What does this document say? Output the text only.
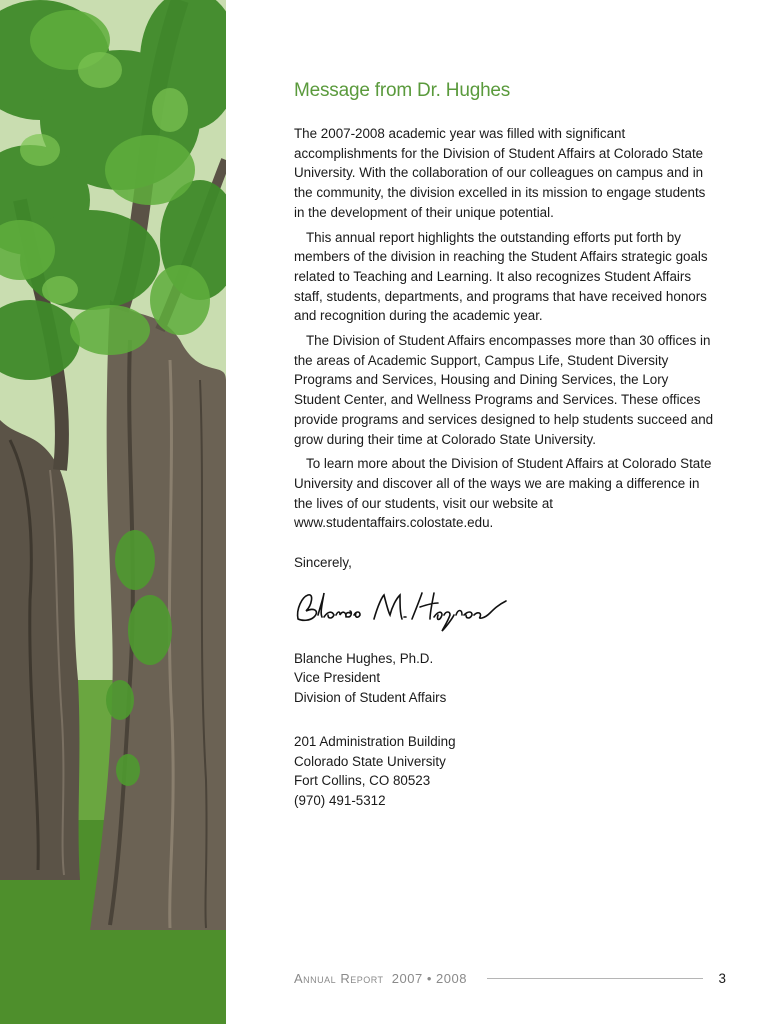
Message from Dr. Hughes

The 2007-2008 academic year was filled with significant accomplishments for the Division of Student Affairs at Colorado State University. With the collaboration of our colleagues on campus and in the community, the division excelled in its mission to engage students in the development of their unique potential.

This annual report highlights the outstanding efforts put forth by members of the division in reaching the Student Affairs strategic goals related to Teaching and Learning. It also recognizes Student Affairs staff, students, departments, and programs that have received honors and recognition during the academic year.

The Division of Student Affairs encompasses more than 30 offices in the areas of Academic Support, Campus Life, Student Diversity Programs and Services, Housing and Dining Services, the Lory Student Center, and Wellness Programs and Services. These offices provide programs and services designed to help students succeed and grow during their time at Colorado State University.

To learn more about the Division of Student Affairs at Colorado State University and discover all of the ways we are making a difference in the lives of our students, visit our website at www.studentaffairs.colostate.edu.

Sincerely,

Blanche Hughes, Ph.D.
Vice President
Division of Student Affairs
201 Administration Building
Colorado State University
Fort Collins, CO 80523
(970) 491-5312
Annual Report 2007 • 2008	3
